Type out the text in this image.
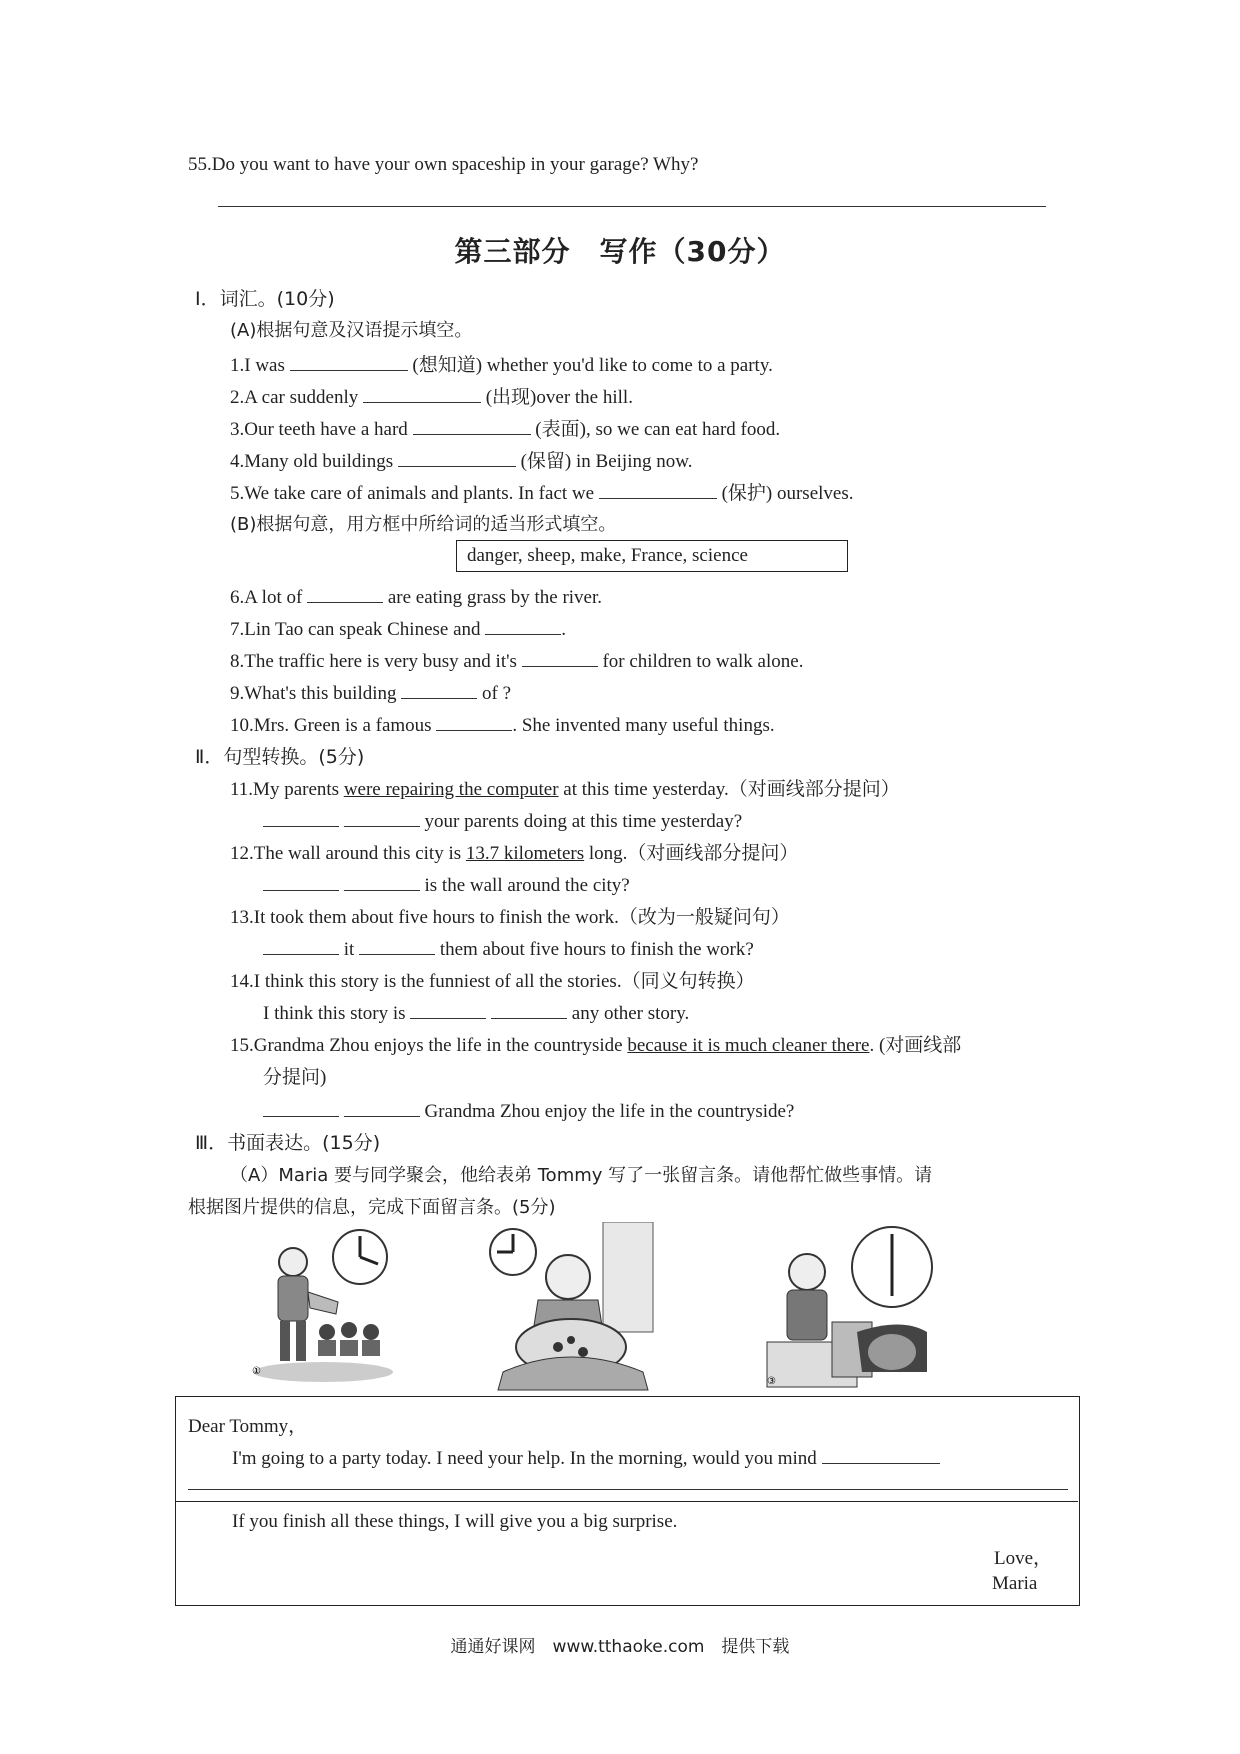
55.Do you want to have your own spaceship in your garage? Why?
第三部分　写作（30分）
Ⅰ．词汇。(10分)
(A)根据句意及汉语提示填空。
1.I was	(想知道) whether you'd like to come to a party.
2.A car suddenly	(出现)over the hill.
3.Our teeth have a hard	(表面), so we can eat hard food.
4.Many old buildings	(保留) in Beijing now.
5.We take care of animals and plants. In fact we	(保护) ourselves.
(B)根据句意，用方框中所给词的适当形式填空。
danger, sheep, make, France, science
6.A lot of	are eating grass by the river.
7.Lin Tao can speak Chinese and	.
8.The traffic here is very busy and it's	for children to walk alone.
9.What's this building	of ?
10.Mrs. Green is a famous	. She invented many useful things.
Ⅱ．句型转换。(5分)
11.My parents were repairing the computer at this time yesterday.（对画线部分提问）
your parents doing at this time yesterday?
12.The wall around this city is 13.7 kilometers long.（对画线部分提问）
is the wall around the city?
13.It took them about five hours to finish the work.（改为一般疑问句）
it	them about five hours to finish the work?
14.I think this story is the funniest of all the stories.（同义句转换）
I think this story is	any other story.
15.Grandma Zhou enjoys the life in the countryside because it is much cleaner there. (对画线部
分提问)
Grandma Zhou enjoy the life in the countryside?
Ⅲ．书面表达。(15分)
（A）Maria 要与同学聚会，他给表弟 Tommy 写了一张留言条。请他帮忙做些事情。请
根据图片提供的信息，完成下面留言条。(5分)
①
③
Dear Tommy，
I'm going to a party today. I need your help. In the morning, would you mind
If you finish all these things, I will give you a big surprise.
Love，
Maria
通通好课网　www.tthaoke.com　提供下载
